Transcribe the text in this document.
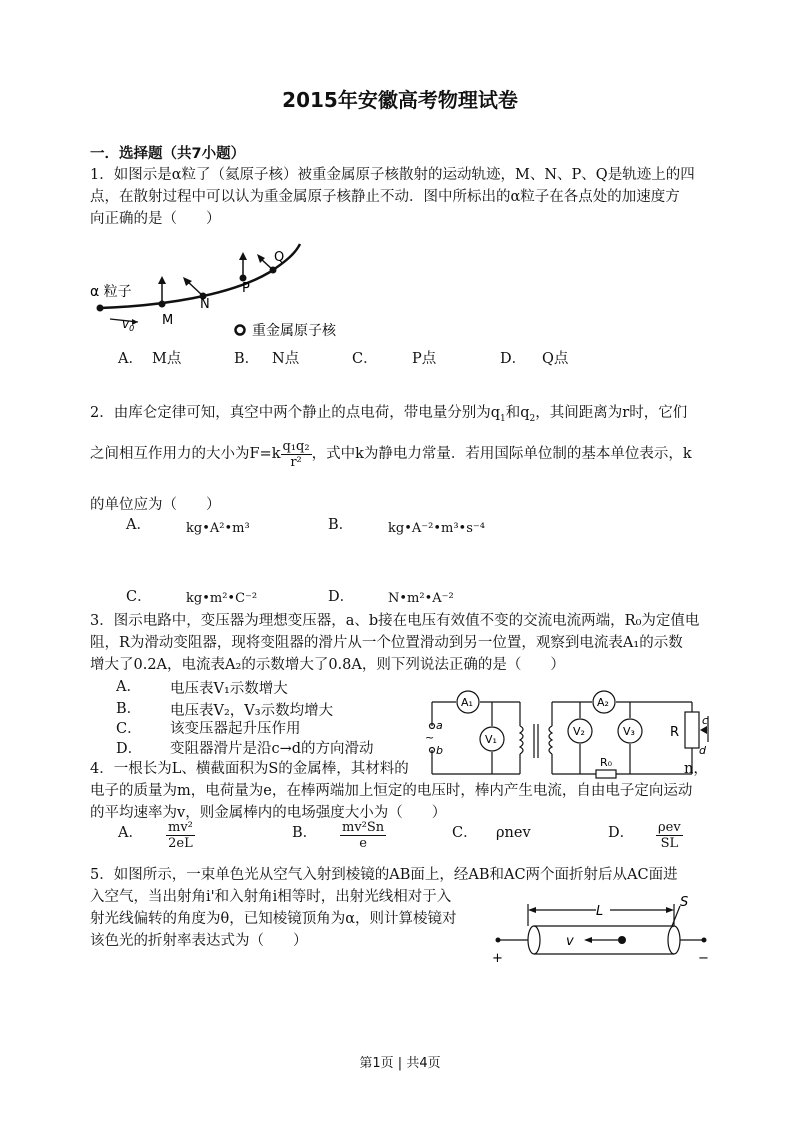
2015年安徽高考物理试卷
一．选择题（共7小题）
1．如图示是α粒了（氦原子核）被重金属原子核散射的运动轨迹，M、N、P、Q是轨迹上的四
点，在散射过程中可以认为重金属原子核静止不动．图中所标出的α粒子在各点处的加速度方
向正确的是（　　）
α 粒子
$v_0$
M
N
P
Q
重金属原子核
A． M点	B． N点	C． P点	D． Q点
2．由库仑定律可知，真空中两个静止的点电荷，带电量分别为$q_1$和$q_2$，其间距离为r时，它们
之间相互作用力的大小为$F=k \frac{\text{q₁q₂}}{\text{r²}}$ ，式中k为静电力常量．若用国际单位制的基本单位表示，k
的单位应为（　　）
A．	kg•A²•m³	B．	kg•A⁻²•m³•s⁻⁴
C．	kg•m²•C⁻²	D．	N•m²•A⁻²
3．图示电路中，变压器为理想变压器，a、b接在电压有效值不变的交流电流两端，R₀为定值电
阻，R为滑动变阻器，现将变阻器的滑片从一个位置滑动到另一位置，观察到电流表A₁的示数
增大了0.2A，电流表A₂的示数增大了0.8A，则下列说法正确的是（　　）
A． 电压表V₁示数增大
B． 电压表V₂，V₃示数均增大
C． 该变压器起升压作用
D． 变阻器滑片是沿c→d的方向滑动
a
~
b
A₁
V₁
A₂
V₂	V₃	R
R₀
c
d
4．一根长为L、横截面积为S的金属棒，其材料的	n，
电子的质量为m，电荷量为e，在棒两端加上恒定的电压时，棒内产生电流，自由电子定向运动
的平均速率为v，则金属棒内的电场强度大小为（　　）
A． $\frac{\text{mv²}}{2eL}$	B． $\frac{\text{mv²Sn}}{e}$	C． ρnev	D． $\frac{\text{ρev}}{SL}$
5．如图所示，一束单色光从空气入射到棱镜的AB面上，经AB和AC两个面折射后从AC面进
入空气，当出射角i'和入射角i相等时，出射光线相对于入
射光线偏转的角度为θ，已知棱镜顶角为α，则计算棱镜对
该色光的折射率表达式为（　　）
L
S
v
+	−
第1页 | 共4页
